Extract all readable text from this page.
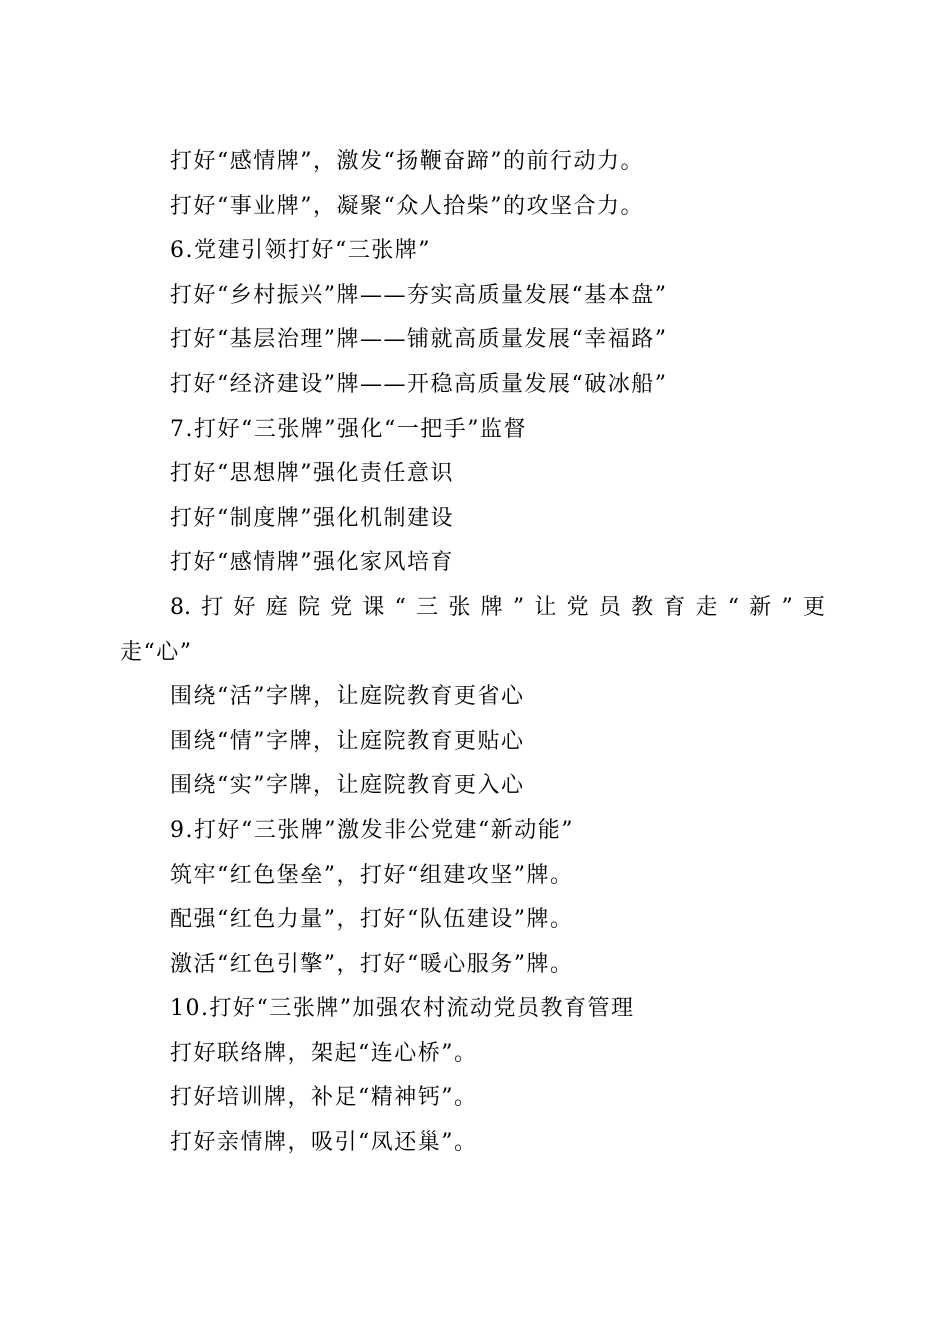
打好“感情牌”，激发“扬鞭奋蹄”的前行动力。
打好“事业牌”，凝聚“众人拾柴”的攻坚合力。
6.党建引领打好“三张牌”
打好“乡村振兴”牌——夯实高质量发展“基本盘”
打好“基层治理”牌——铺就高质量发展“幸福路”
打好“经济建设”牌——开稳高质量发展“破冰船”
7.打好“三张牌”强化“一把手”监督
打好“思想牌”强化责任意识
打好“制度牌”强化机制建设
打好“感情牌”强化家风培育
8.打好庭院党课“三张牌”让党员教育走“新”更
走“心”
围绕“活”字牌，让庭院教育更省心
围绕“情”字牌，让庭院教育更贴心
围绕“实”字牌，让庭院教育更入心
9.打好“三张牌”激发非公党建“新动能”
筑牢“红色堡垒”，打好“组建攻坚”牌。
配强“红色力量”，打好“队伍建设”牌。
激活“红色引擎”，打好“暖心服务”牌。
10.打好“三张牌”加强农村流动党员教育管理
打好联络牌，架起“连心桥”。
打好培训牌，补足“精神钙”。
打好亲情牌，吸引“凤还巢”。
